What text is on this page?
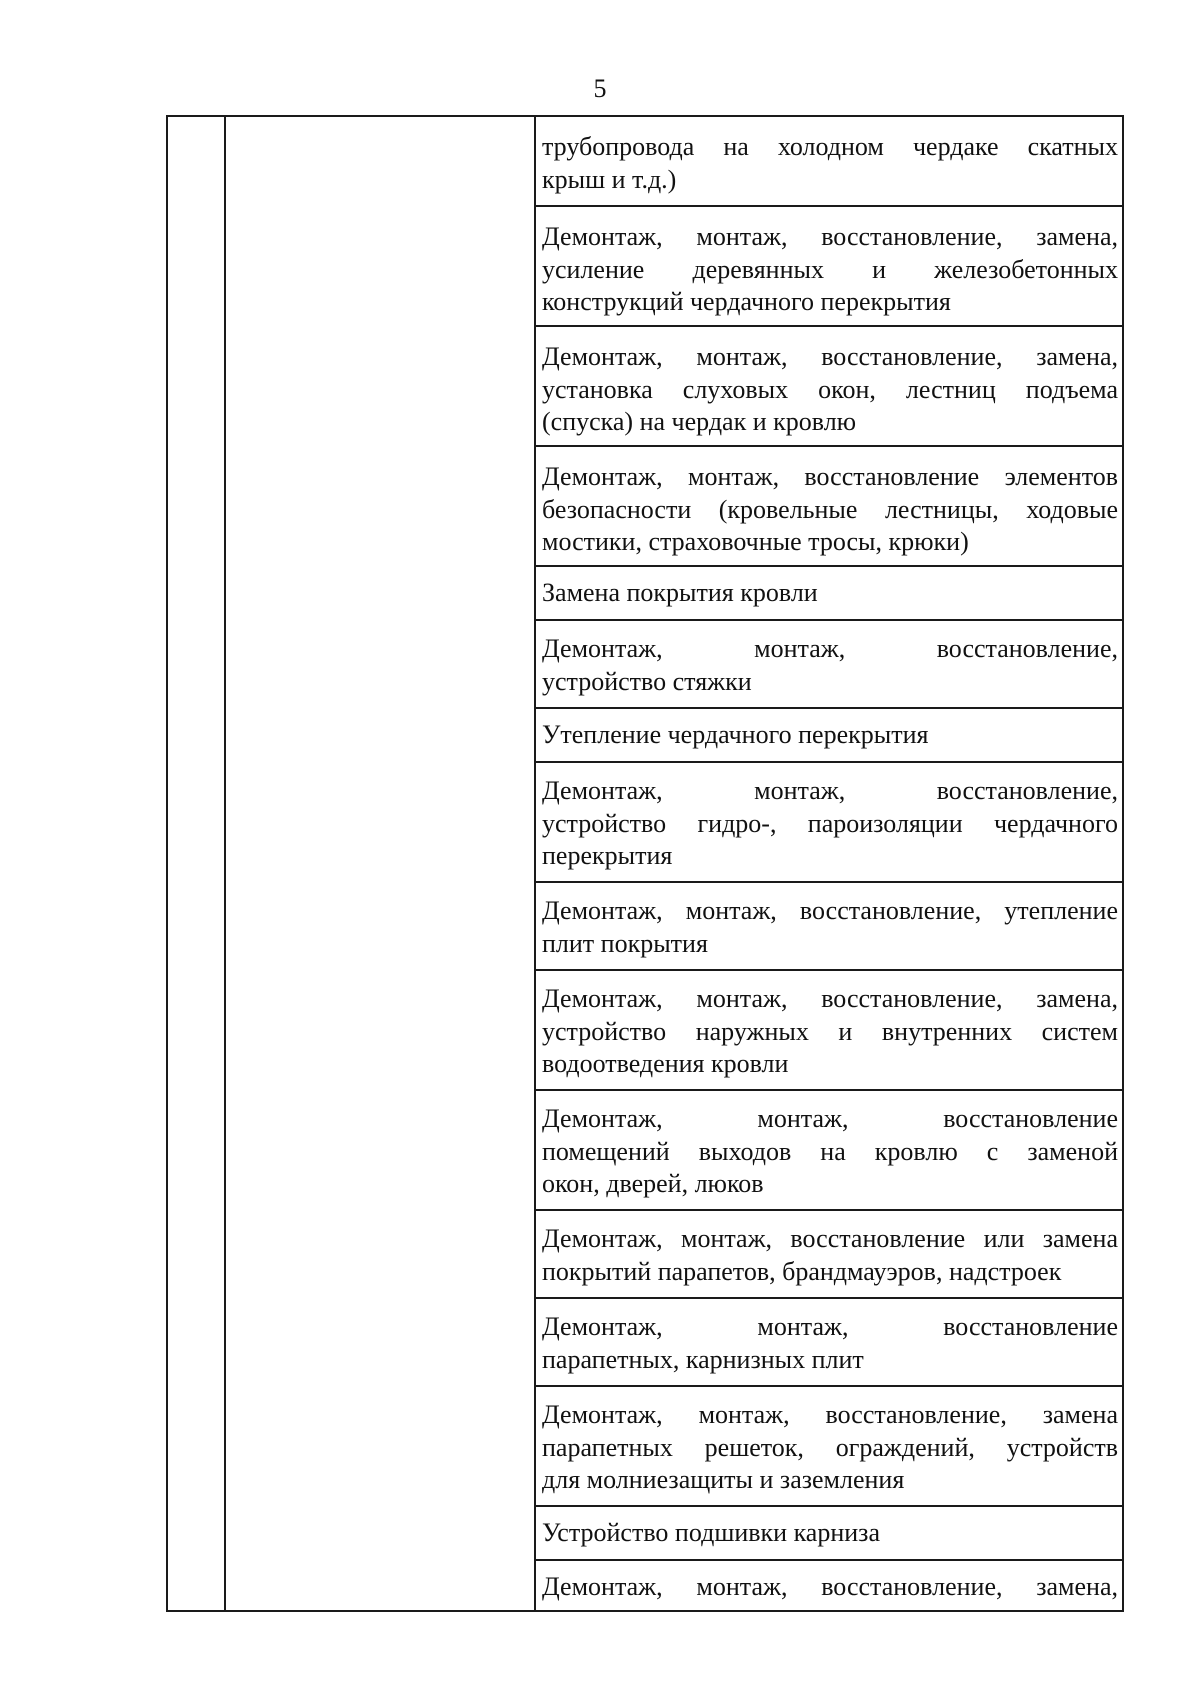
5
трубопровода на холодном чердаке скатных
крыш и т.д.)
Демонтаж, монтаж, восстановление, замена,
усиление деревянных и железобетонных
конструкций чердачного перекрытия
Демонтаж, монтаж, восстановление, замена,
установка слуховых окон, лестниц подъема
(спуска) на чердак и кровлю
Демонтаж, монтаж, восстановление элементов
безопасности (кровельные лестницы, ходовые
мостики, страховочные тросы, крюки)
Замена покрытия кровли
Демонтаж, монтаж, восстановление,
устройство стяжки
Утепление чердачного перекрытия
Демонтаж, монтаж, восстановление,
устройство гидро-, пароизоляции чердачного
перекрытия
Демонтаж, монтаж, восстановление, утепление
плит покрытия
Демонтаж, монтаж, восстановление, замена,
устройство наружных и внутренних систем
водоотведения кровли
Демонтаж, монтаж, восстановление
помещений выходов на кровлю с заменой
окон, дверей, люков
Демонтаж, монтаж, восстановление или замена
покрытий парапетов, брандмауэров, надстроек
Демонтаж, монтаж, восстановление
парапетных, карнизных плит
Демонтаж, монтаж, восстановление, замена
парапетных решеток, ограждений, устройств
для молниезащиты и заземления
Устройство подшивки карниза
Демонтаж, монтаж, восстановление, замена,
